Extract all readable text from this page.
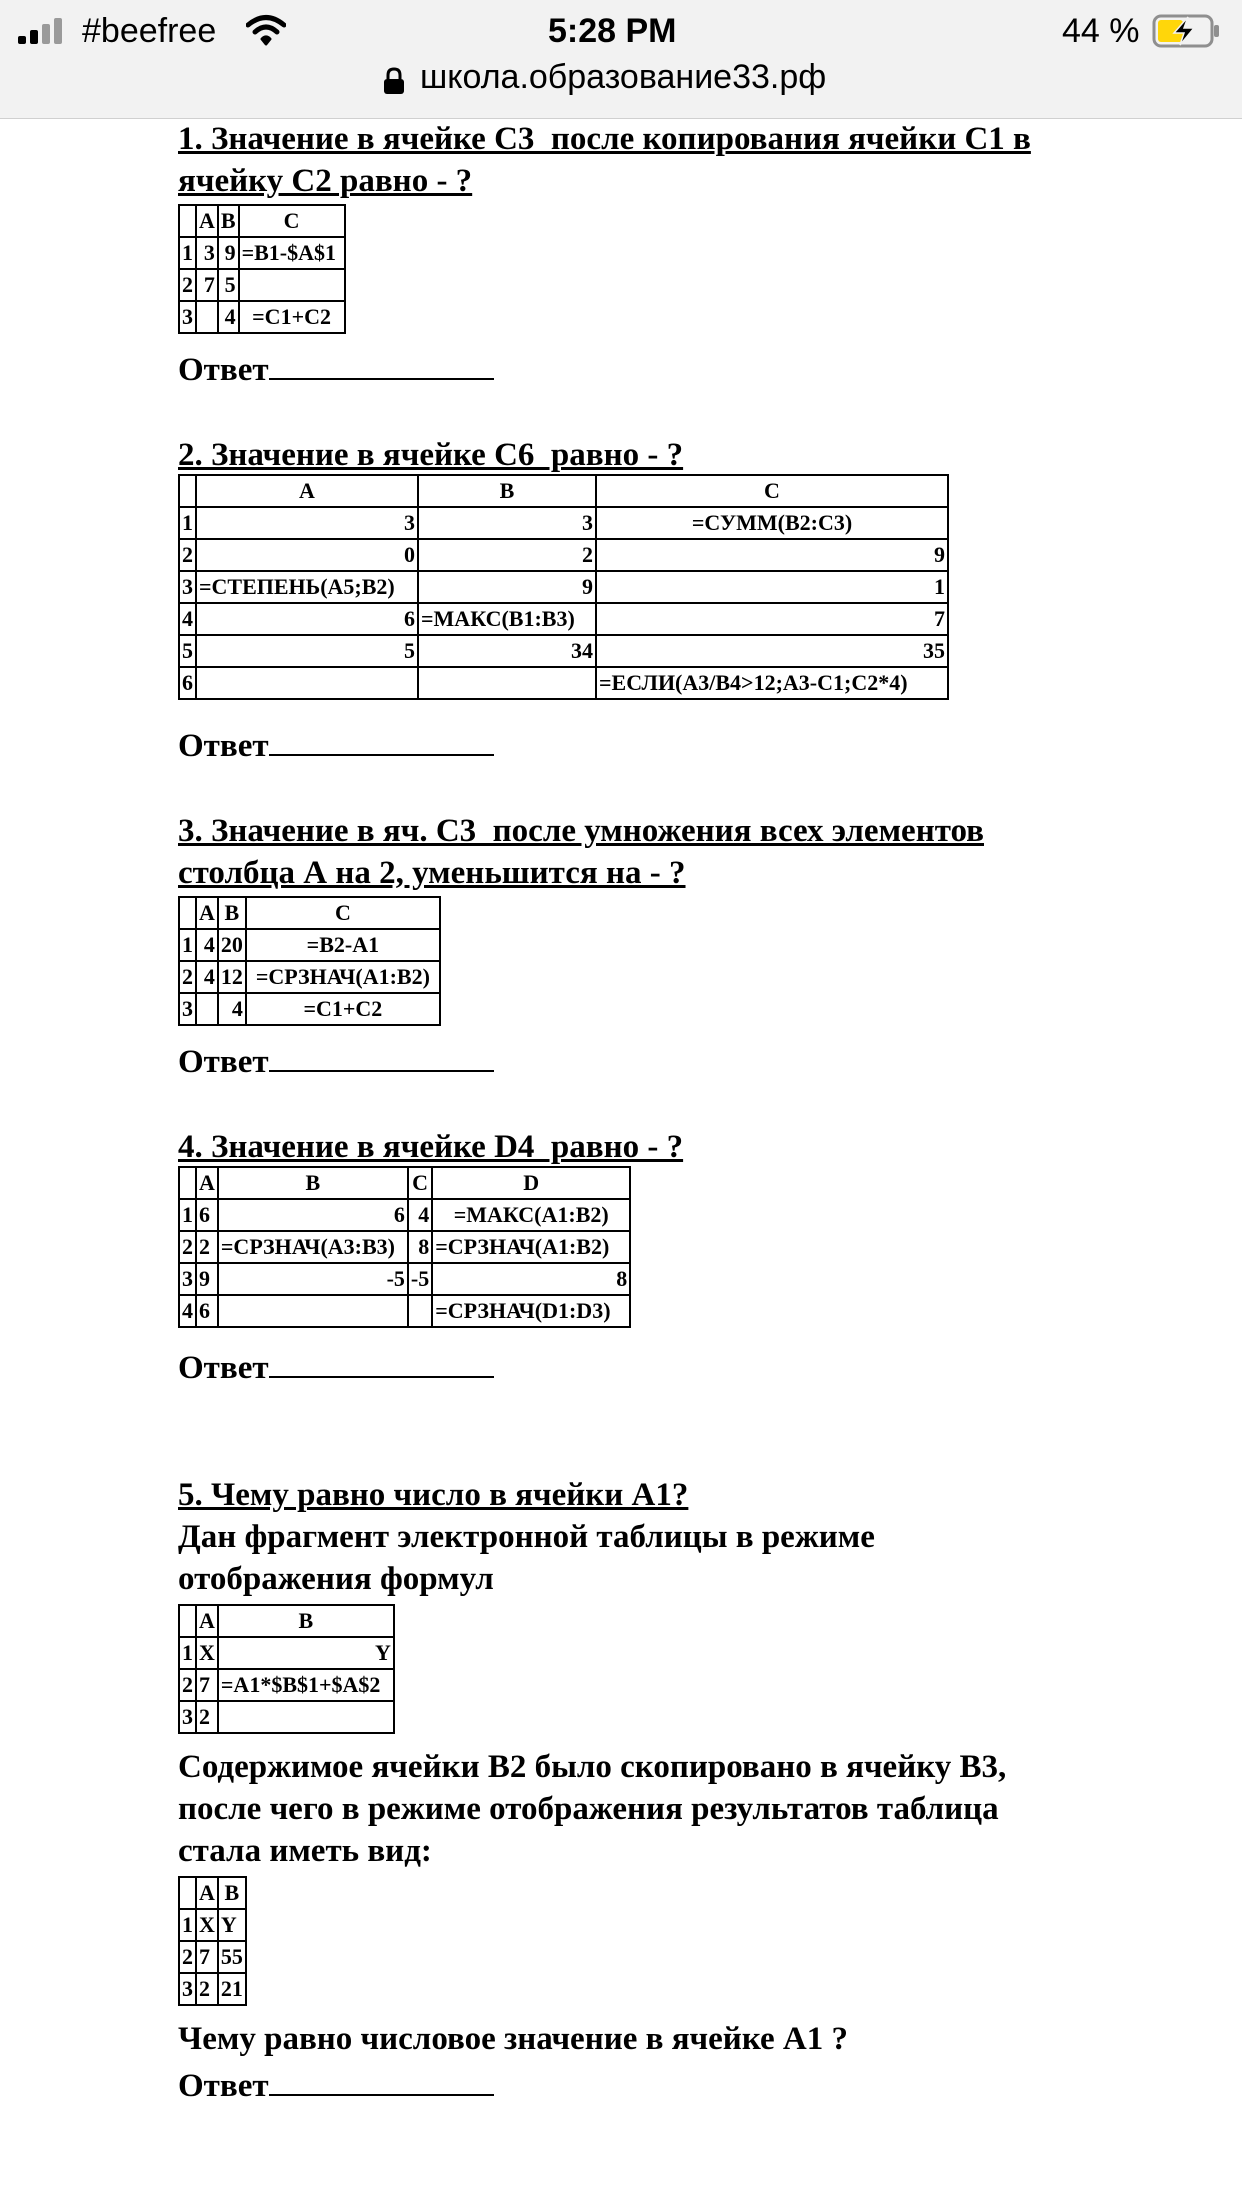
#beefree	5:28 PM	44 %
школа.образование33.рф
1. Значение в ячейке С3  после копирования ячейки С1 в
ячейку С2 равно - ?
	A	B	C
1	3	9	=B1-$A$1
2	7	5	
3		4	=C1+C2
Ответ
2. Значение в ячейке С6  равно - ?
	A	B	C
1	3	3	=СУММ(B2:C3)
2	0	2	9
3	=СТЕПЕНЬ(A5;B2)	9	1
4	6	=МАКС(B1:B3)	7
5	5	34	35
6			=ЕСЛИ(A3/B4>12;A3-C1;C2*4)
Ответ
3. Значение в яч. С3  после умножения всех элементов
столбца А на 2, уменьшится на - ?
	A	B	C
1	4	20	=B2-A1
2	4	12	=СРЗНАЧ(A1:B2)
3		4	=C1+C2
Ответ
4. Значение в ячейке D4  равно - ?
	A	B	C	D
1	6	6	4	=МАКС(A1:B2)
2	2	=СРЗНАЧ(A3:B3)	8	=СРЗНАЧ(A1:B2)
3	9	-5	-5	8
4	6			=СРЗНАЧ(D1:D3)
Ответ
5. Чему равно число в ячейки А1?
Дан фрагмент электронной таблицы в режиме
отображения формул
	A	B
1	X	Y
2	7	=A1*$B$1+$A$2
3	2	
Содержимое ячейки В2 было скопировано в ячейку В3,
после чего в режиме отображения результатов таблица
стала иметь вид:
	A	B
1	X	Y
2	7	55
3	2	21
Чему равно числовое значение в ячейке А1 ?
Ответ
